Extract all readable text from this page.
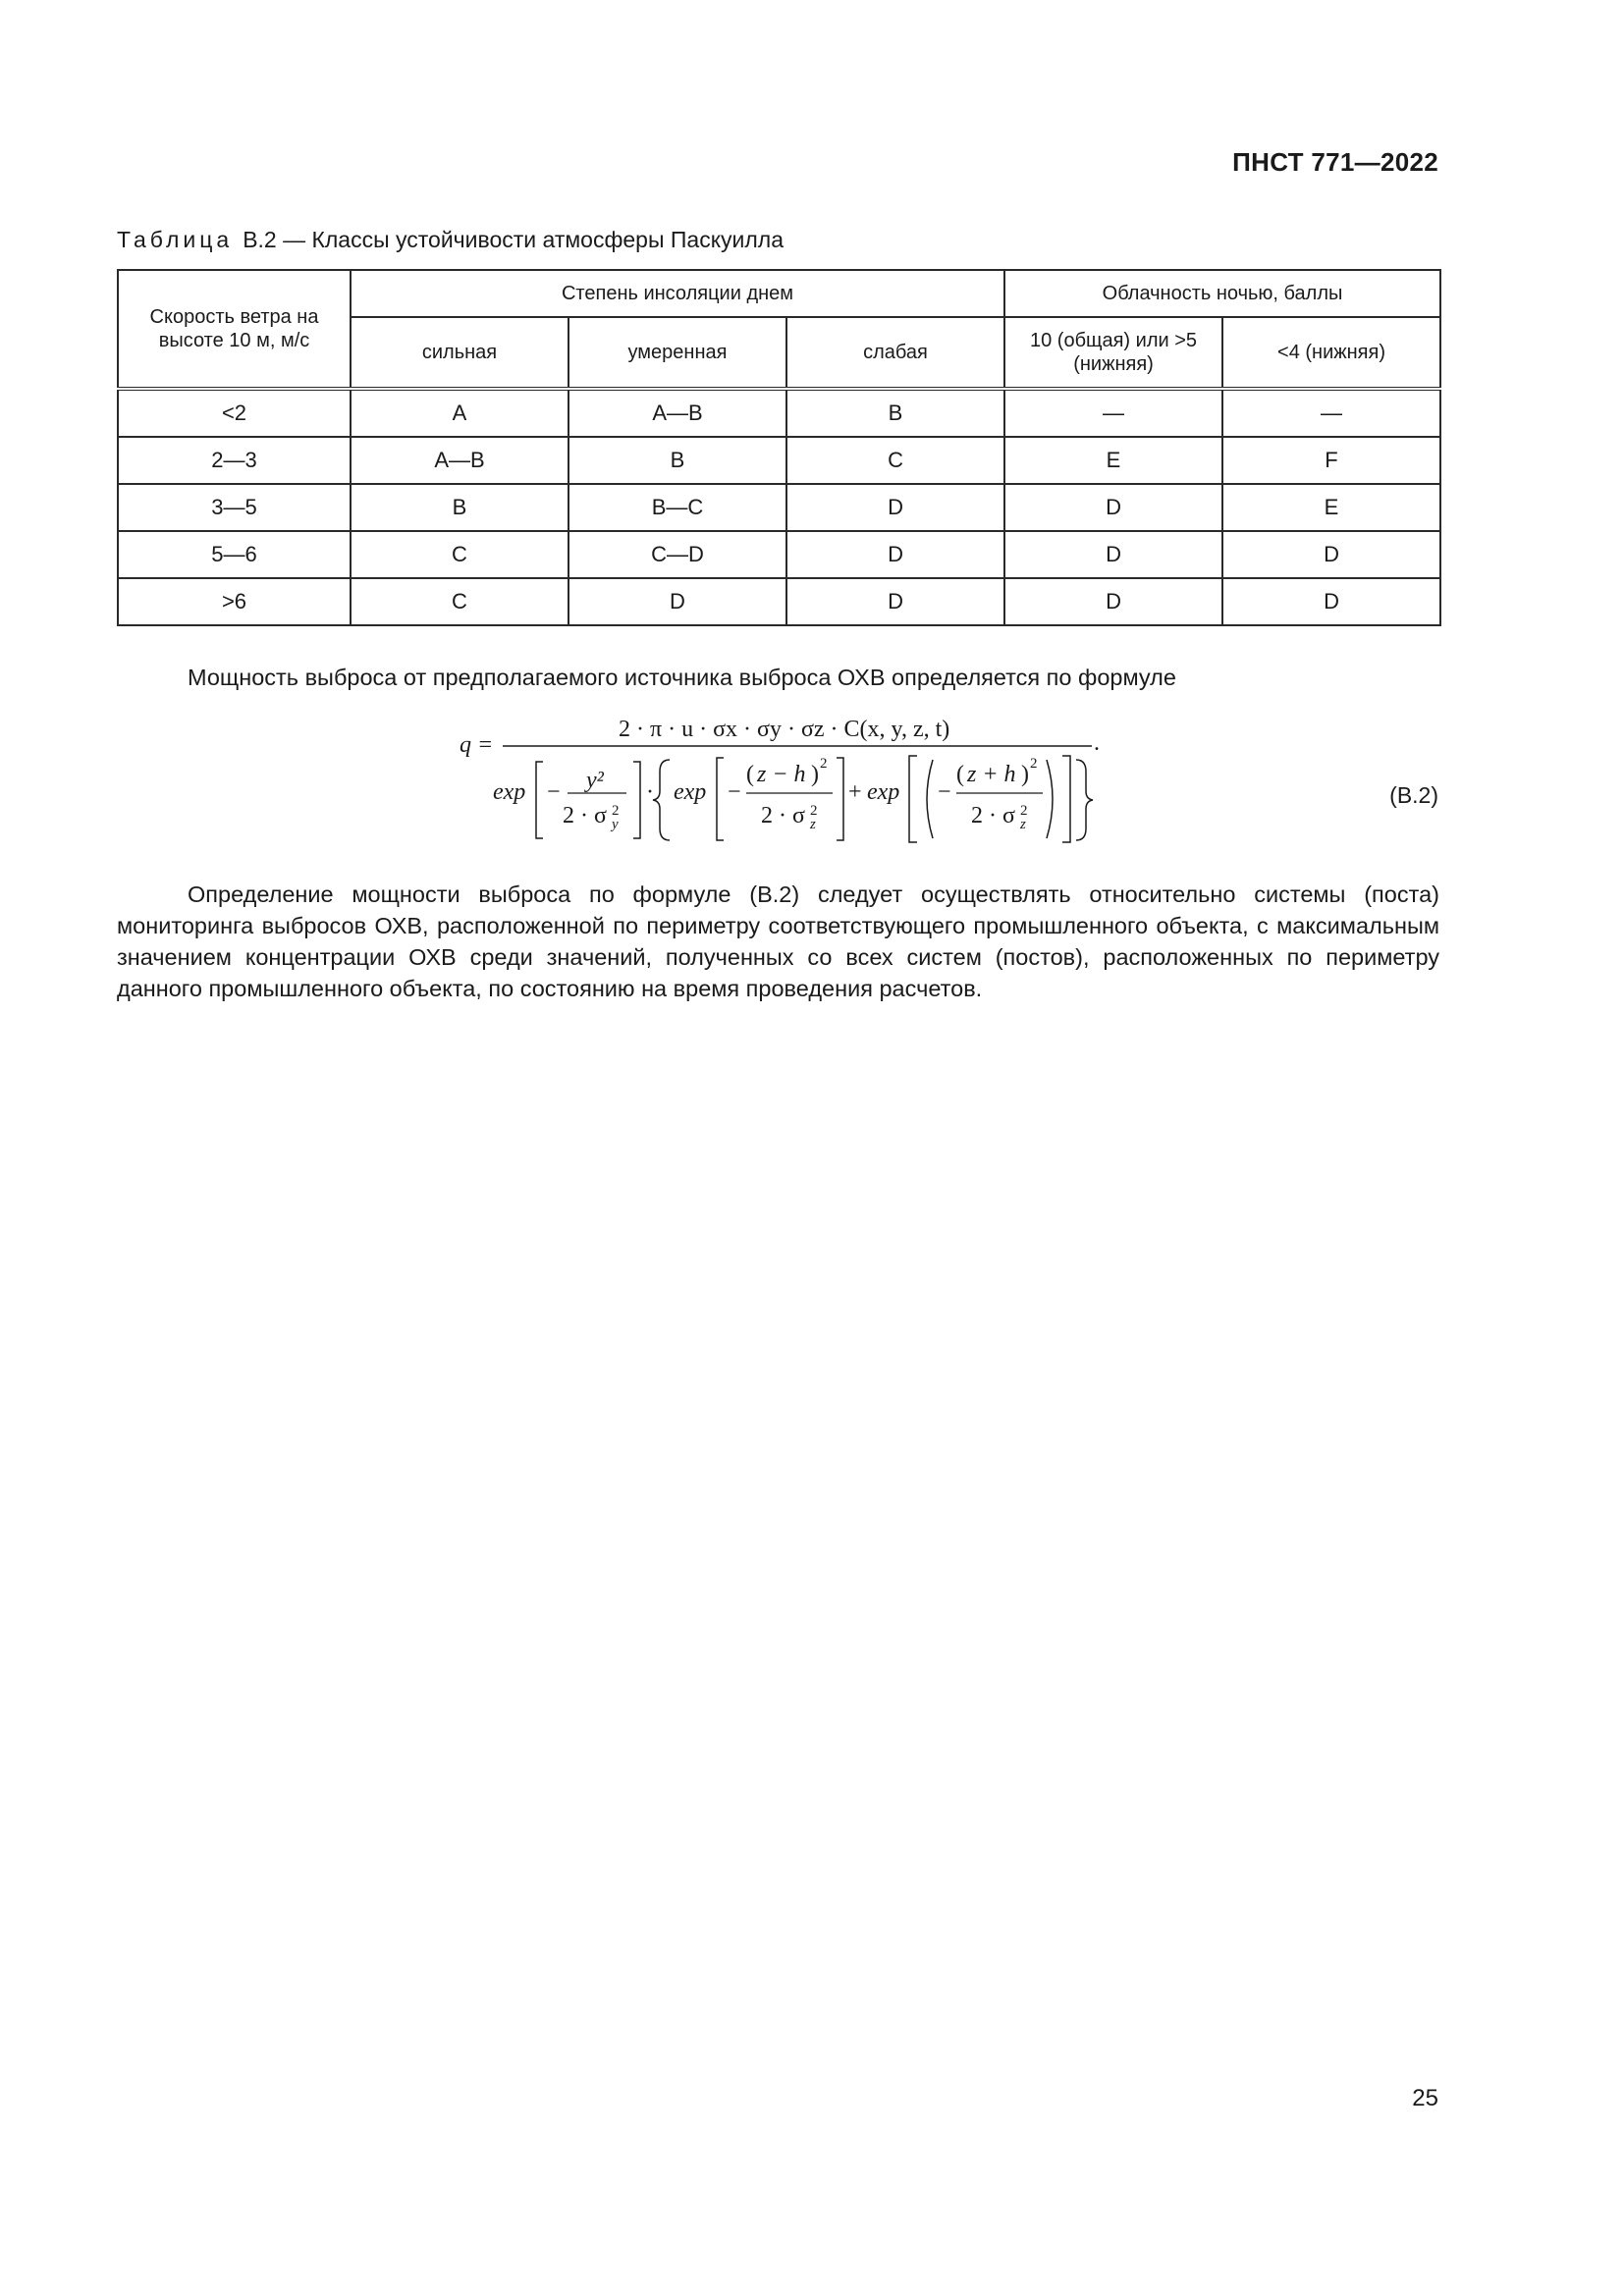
ПНСТ 771—2022
Таблица В.2 — Классы устойчивости атмосферы Паскуилла
Скорость ветра на высоте 10 м, м/с	Степень инсоляции днем			Облачность ночью, баллы	
	сильная	умеренная	слабая	10 (общая) или >5 (нижняя)	<4 (нижняя)
<2	A	A—B	B	—	—
2—3	A—B	B	C	E	F
3—5	B	B—C	D	D	E
5—6	C	C—D	D	D	D
>6	C	D	D	D	D
Мощность выброса от предполагаемого источника выброса ОХВ определяется по формуле
q =
2 · π · u · σx · σy · σz · C(x, y, z, t)
.
exp − y²
2 · σ 2
y
· exp −
( z − h ) 2
2 · σ 2
z
+ exp −
( z + h ) 2
2 · σ 2
z
(В.2)
Определение мощности выброса по формуле (В.2) следует осуществлять относительно системы (поста) мониторинга выбросов ОХВ, расположенной по периметру соответствующего промышленного объекта, с максимальным значением концентрации ОХВ среди значений, полученных со всех систем (постов), расположенных по периметру данного промышленного объекта, по состоянию на время проведения расчетов.
25
